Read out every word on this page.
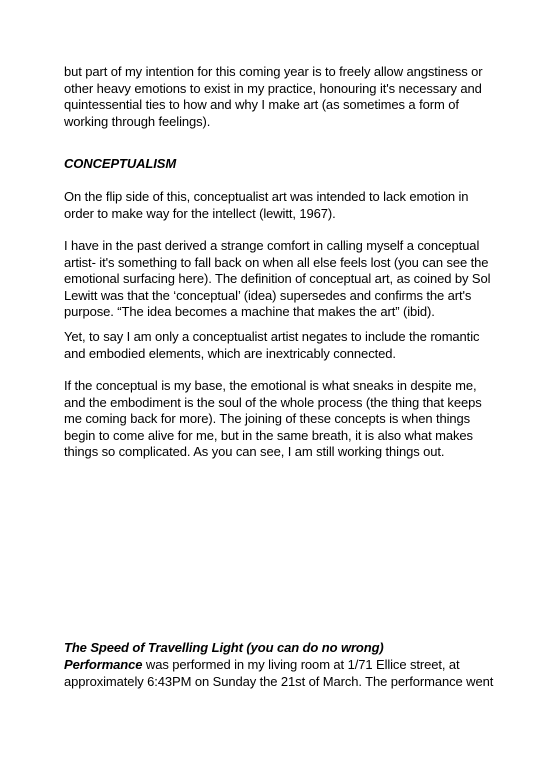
but part of my intention for this coming year is to freely allow angstiness or other heavy emotions to exist in my practice, honouring it's necessary and quintessential ties to how and why I make art (as sometimes a form of working through feelings).

CONCEPTUALISM

On the flip side of this, conceptualist art was intended to lack emotion in order to make way for the intellect (lewitt, 1967).

I have in the past derived a strange comfort in calling myself a conceptual artist- it's something to fall back on when all else feels lost (you can see the emotional surfacing here). The definition of conceptual art, as coined by Sol Lewitt was that the ‘conceptual’ (idea) supersedes and confirms the art's purpose. “The idea becomes a machine that makes the art” (ibid).

Yet, to say I am only a conceptualist artist negates to include the romantic and embodied elements, which are inextricably connected.

If the conceptual is my base, the emotional is what sneaks in despite me, and the embodiment is the soul of the whole process (the thing that keeps me coming back for more). The joining of these concepts is when things begin to come alive for me, but in the same breath, it is also what makes things so complicated. As you can see, I am still working things out.

The Speed of Travelling Light (you can do no wrong)

Performance was performed in my living room at 1/71 Ellice street, at approximately 6:43PM on Sunday the 21st of March. The performance went
